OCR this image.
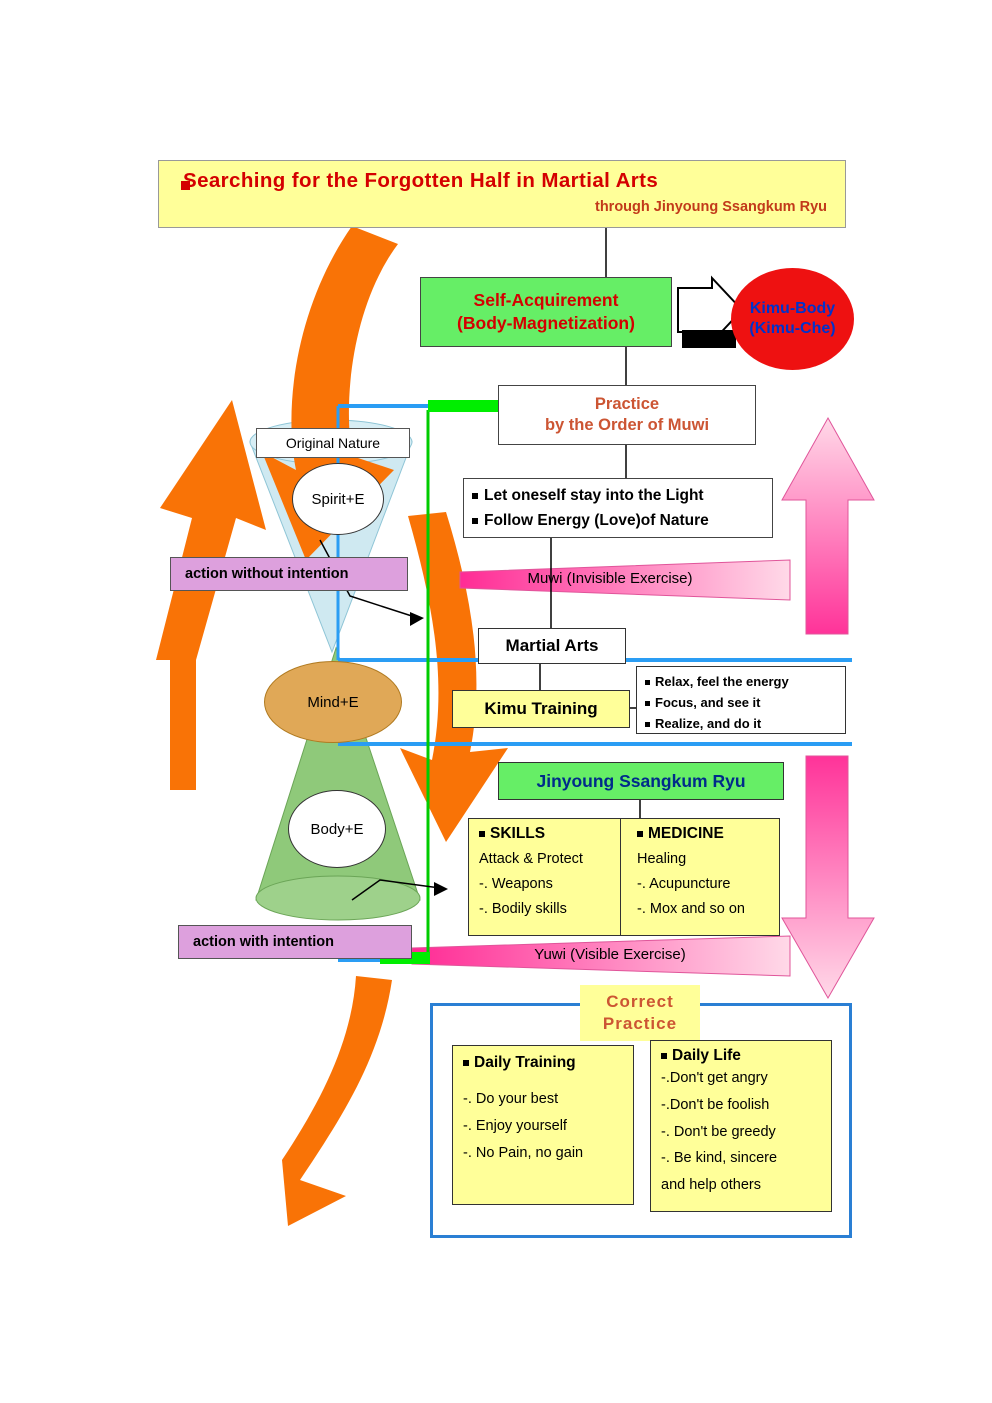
Searching for the Forgotten Half in Martial Arts
through Jinyoung Ssangkum Ryu
Self-Acquirement
(Body-Magnetization)
Kimu-Body
(Kimu-Che)
Practice
by the Order of Muwi
Let oneself stay into the Light
Follow Energy (Love)of Nature
action without intention
action with intention
Original Nature
Spirit+E
Mind+E
Body+E
Muwi (Invisible Exercise)
Yuwi (Visible Exercise)
Martial Arts
Kimu Training
Relax, feel the energy
Focus, and see it
Realize, and do it
Jinyoung Ssangkum Ryu
SKILLS
Attack & Protect
-. Weapons
-. Bodily skills
MEDICINE
Healing
-. Acupuncture
-. Mox and so on
Correct
Practice
Daily Training
-. Do your best
-. Enjoy yourself
-. No Pain, no gain
Daily Life
-.Don't get angry
-.Don't be foolish
-. Don't be greedy
-. Be kind, sincere
and help others
